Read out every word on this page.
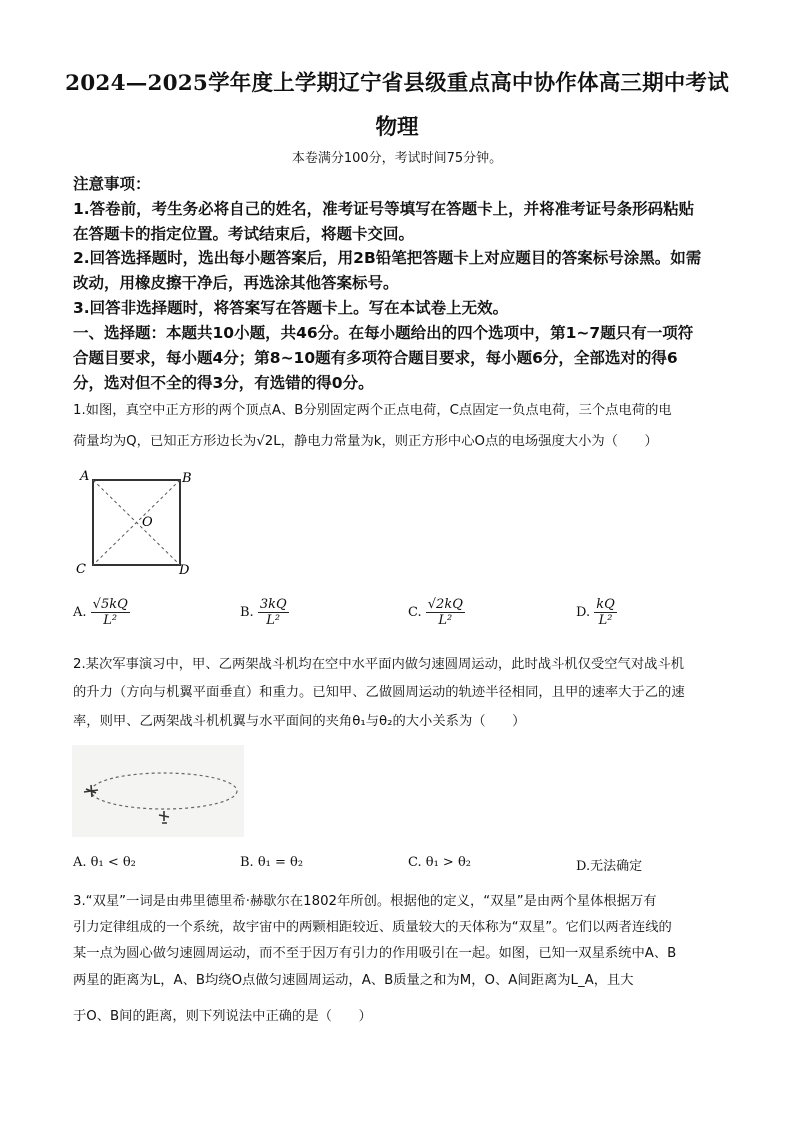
2024—2025学年度上学期辽宁省县级重点高中协作体高三期中考试
物理
本卷满分100分，考试时间75分钟。
注意事项：
1.答卷前，考生务必将自己的姓名，准考证号等填写在答题卡上，并将准考证号条形码粘贴
在答题卡的指定位置。考试结束后，将题卡交回。
2.回答选择题时，选出每小题答案后，用2B铅笔把答题卡上对应题目的答案标号涂黑。如需
改动，用橡皮擦干净后，再选涂其他答案标号。
3.回答非选择题时，将答案写在答题卡上。写在本试卷上无效。
一、选择题：本题共10小题，共46分。在每小题给出的四个选项中，第1~7题只有一项符
合题目要求，每小题4分；第8~10题有多项符合题目要求，每小题6分，全部选对的得6
分，选对但不全的得3分，有选错的得0分。
1.如图，真空中正方形的两个顶点A、B分别固定两个正点电荷，C点固定一负点电荷，三个点电荷的电
荷量均为Q，已知正方形边长为√2L，静电力常量为k，则正方形中心O点的电场强度大小为（　　）
A	B
C	D
O
A. $\frac{√5kQ}{\text{L²}}$	B. $\frac{3kQ}{\text{L²}}$	C. $\frac{√2kQ}{\text{L²}}$	D. $\frac{kQ}{\text{L²}}$
2.某次军事演习中，甲、乙两架战斗机均在空中水平面内做匀速圆周运动，此时战斗机仅受空气对战斗机
的升力（方向与机翼平面垂直）和重力。已知甲、乙做圆周运动的轨迹半径相同，且甲的速率大于乙的速
率，则甲、乙两架战斗机机翼与水平面间的夹角θ₁与θ₂的大小关系为（　　）
A. θ₁ < θ₂	B. θ₁ = θ₂	C. θ₁ > θ₂	D.无法确定
3.“双星”一词是由弗里德里希·赫歇尔在1802年所创。根据他的定义，“双星”是由两个星体根据万有
引力定律组成的一个系统，故宇宙中的两颗相距较近、质量较大的天体称为“双星”。它们以两者连线的
某一点为圆心做匀速圆周运动，而不至于因万有引力的作用吸引在一起。如图，已知一双星系统中A、B
两星的距离为L，A、B均绕O点做匀速圆周运动，A、B质量之和为M，O、A间距离为L_A，且大
于O、B间的距离，则下列说法中正确的是（　　）
